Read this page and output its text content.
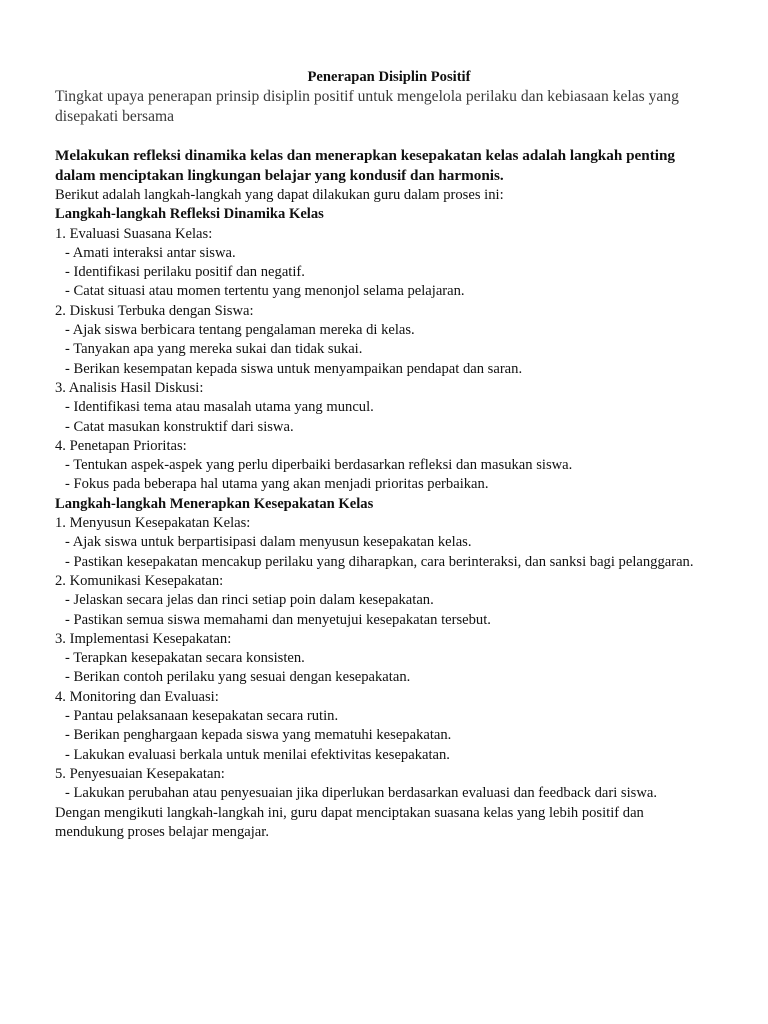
Penerapan Disiplin Positif

Tingkat upaya penerapan prinsip disiplin positif untuk mengelola perilaku dan kebiasaan kelas yang disepakati bersama

Melakukan refleksi dinamika kelas dan menerapkan kesepakatan kelas adalah langkah penting dalam menciptakan lingkungan belajar yang kondusif dan harmonis.

Berikut adalah langkah-langkah yang dapat dilakukan guru dalam proses ini:

Langkah-langkah Refleksi Dinamika Kelas

1. Evaluasi Suasana Kelas:

- Amati interaksi antar siswa.

- Identifikasi perilaku positif dan negatif.

- Catat situasi atau momen tertentu yang menonjol selama pelajaran.

2. Diskusi Terbuka dengan Siswa:

- Ajak siswa berbicara tentang pengalaman mereka di kelas.

- Tanyakan apa yang mereka sukai dan tidak sukai.

- Berikan kesempatan kepada siswa untuk menyampaikan pendapat dan saran.

3. Analisis Hasil Diskusi:

- Identifikasi tema atau masalah utama yang muncul.

- Catat masukan konstruktif dari siswa.

4. Penetapan Prioritas:

- Tentukan aspek-aspek yang perlu diperbaiki berdasarkan refleksi dan masukan siswa.

- Fokus pada beberapa hal utama yang akan menjadi prioritas perbaikan.

Langkah-langkah Menerapkan Kesepakatan Kelas

1. Menyusun Kesepakatan Kelas:

- Ajak siswa untuk berpartisipasi dalam menyusun kesepakatan kelas.

- Pastikan kesepakatan mencakup perilaku yang diharapkan, cara berinteraksi, dan sanksi bagi pelanggaran.

2. Komunikasi Kesepakatan:

- Jelaskan secara jelas dan rinci setiap poin dalam kesepakatan.

- Pastikan semua siswa memahami dan menyetujui kesepakatan tersebut.

3. Implementasi Kesepakatan:

- Terapkan kesepakatan secara konsisten.

- Berikan contoh perilaku yang sesuai dengan kesepakatan.

4. Monitoring dan Evaluasi:

- Pantau pelaksanaan kesepakatan secara rutin.

- Berikan penghargaan kepada siswa yang mematuhi kesepakatan.

- Lakukan evaluasi berkala untuk menilai efektivitas kesepakatan.

5. Penyesuaian Kesepakatan:

- Lakukan perubahan atau penyesuaian jika diperlukan berdasarkan evaluasi dan feedback dari siswa.

Dengan mengikuti langkah-langkah ini, guru dapat menciptakan suasana kelas yang lebih positif dan mendukung proses belajar mengajar.
